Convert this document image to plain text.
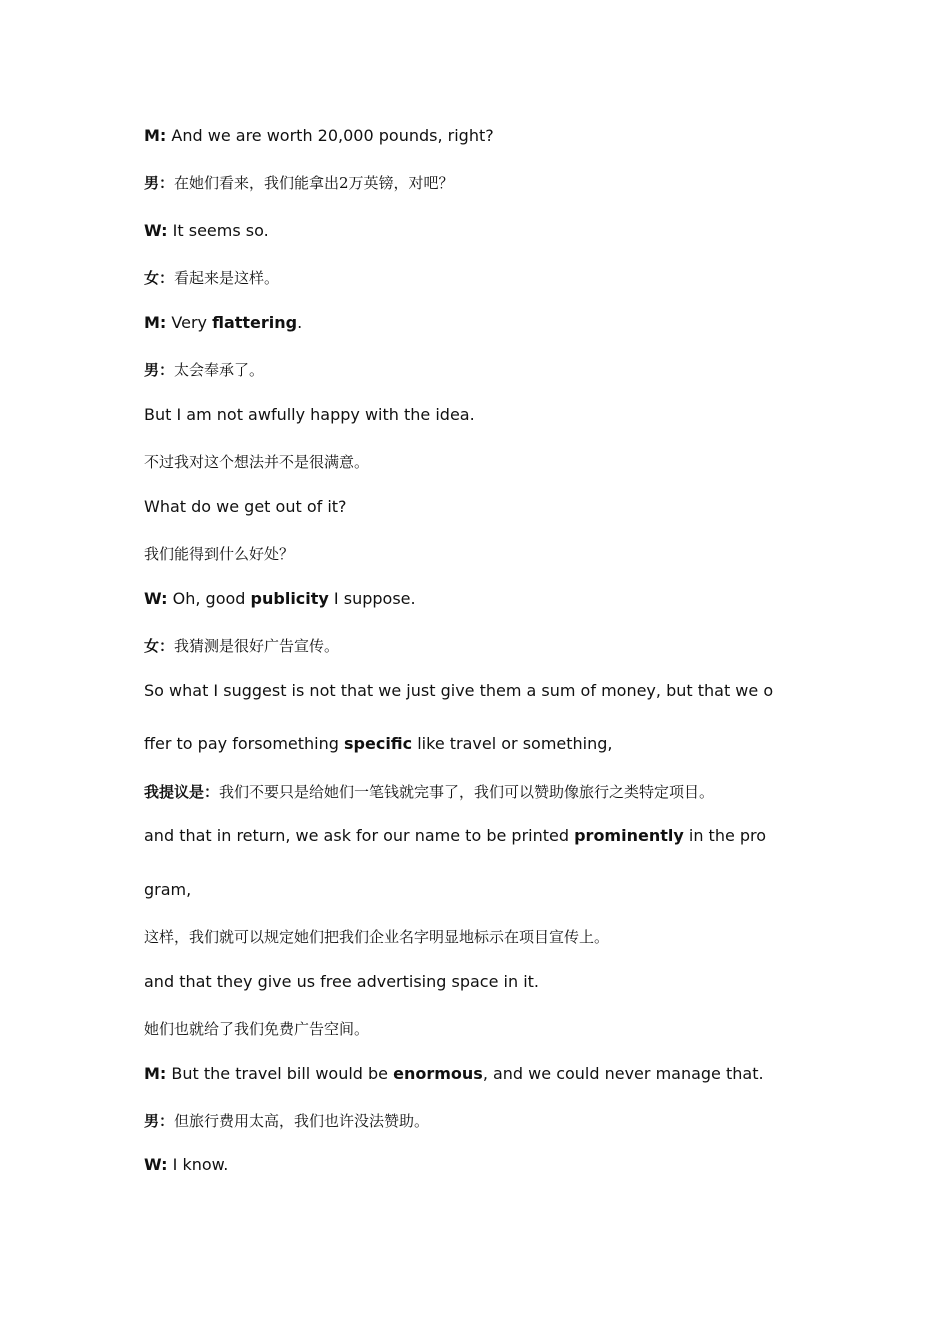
M: And we are worth 20,000 pounds, right?
男：在她们看来，我们能拿出2万英镑，对吧？
W: It seems so.
女：看起来是这样。
M: Very flattering.
男：太会奉承了。
But I am not awfully happy with the idea.
不过我对这个想法并不是很满意。
What do we get out of it?
我们能得到什么好处？
W: Oh, good publicity I suppose.
女：我猜测是很好广告宣传。
So what I suggest is not that we just give them a sum of money, but that we o
ffer to pay forsomething specific like travel or something,
我提议是：我们不要只是给她们一笔钱就完事了，我们可以赞助像旅行之类特定项目。
and that in return, we ask for our name to be printed prominently in the pro
gram,
这样，我们就可以规定她们把我们企业名字明显地标示在项目宣传上。
and that they give us free advertising space in it.
她们也就给了我们免费广告空间。
M: But the travel bill would be enormous, and we could never manage that.
男：但旅行费用太高，我们也许没法赞助。
W: I know.
